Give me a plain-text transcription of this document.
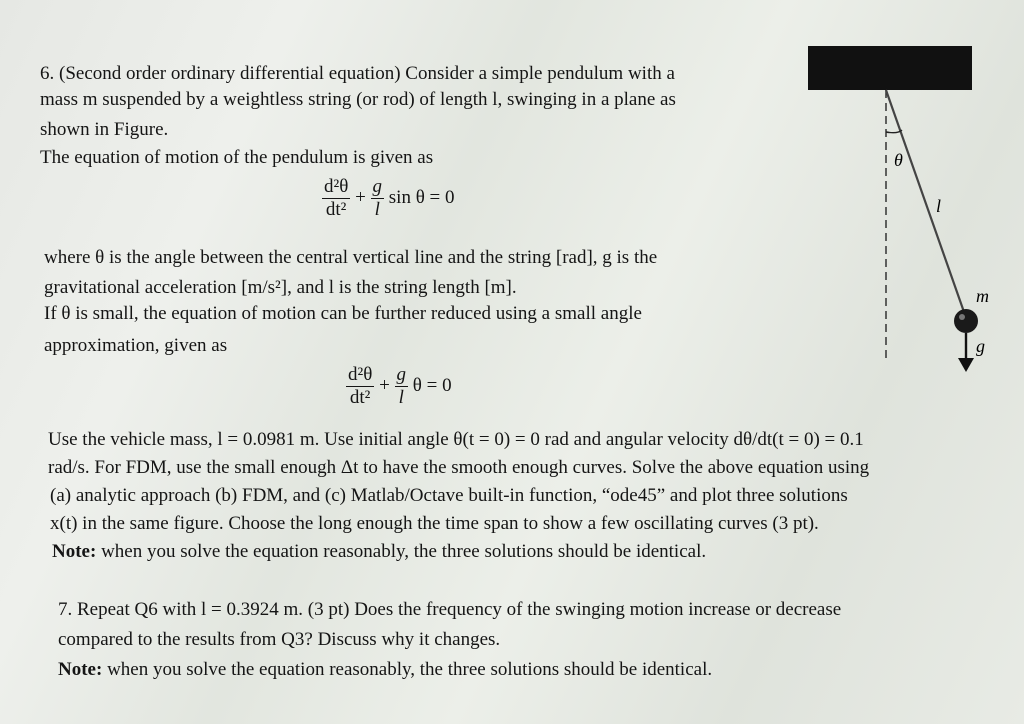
6. (Second order ordinary differential equation) Consider a simple pendulum with a
mass m suspended by a weightless string (or rod) of length l, swinging in a plane as
shown in Figure.
The equation of motion of the pendulum is given as
$\frac{\text{d²θ}}{\text{dt²}} + \frac{g}{l}$ sin θ = 0
where θ is the angle between the central vertical line and the string [rad], g is the
gravitational acceleration [m/s²], and l is the string length [m].
If θ is small, the equation of motion can be further reduced using a small angle
approximation, given as
$\frac{\text{d²θ}}{\text{dt²}} + \frac{g}{l}$ θ = 0
Use the vehicle mass, l = 0.0981 m. Use initial angle θ(t = 0) = 0 rad and angular velocity dθ/dt(t = 0) = 0.1
rad/s. For FDM, use the small enough Δt to have the smooth enough curves. Solve the above equation using
(a) analytic approach (b) FDM, and (c) Matlab/Octave built-in function, “ode45” and plot three solutions
x(t) in the same figure. Choose the long enough the time span to show a few oscillating curves (3 pt).
Note: when you solve the equation reasonably, the three solutions should be identical.
7. Repeat Q6 with l = 0.3924 m. (3 pt) Does the frequency of the swinging motion increase or decrease
compared to the results from Q3? Discuss why it changes.
Note: when you solve the equation reasonably, the three solutions should be identical.
θ
l
m
g
